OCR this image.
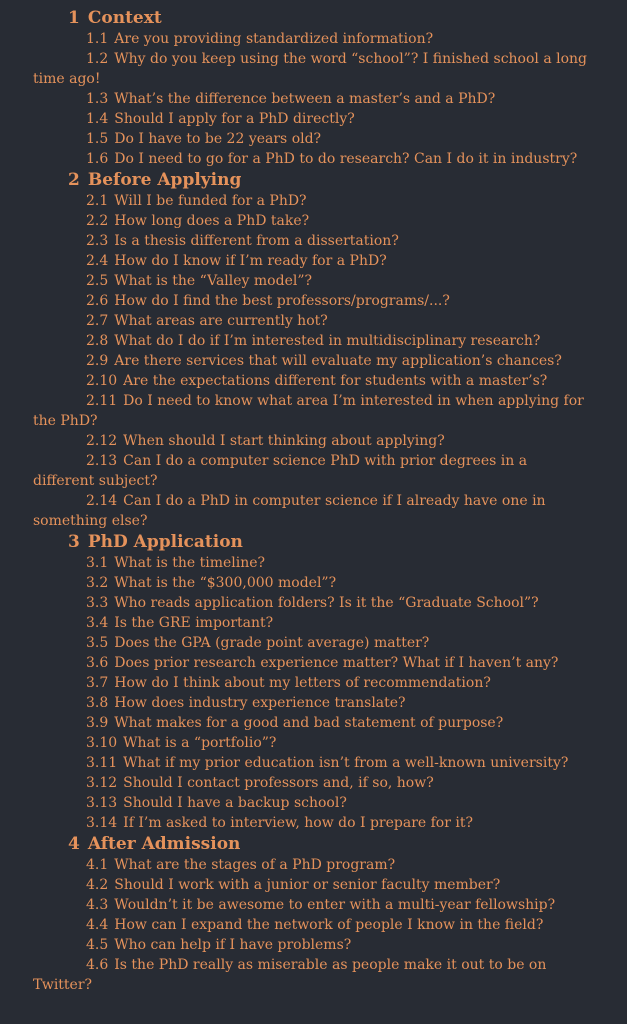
1 Context
1.1 Are you providing standardized information?
1.2 Why do you keep using the word “school”? I finished school a long time ago!
1.3 What’s the difference between a master’s and a PhD?
1.4 Should I apply for a PhD directly?
1.5 Do I have to be 22 years old?
1.6 Do I need to go for a PhD to do research? Can I do it in industry?
2 Before Applying
2.1 Will I be funded for a PhD?
2.2 How long does a PhD take?
2.3 Is a thesis different from a dissertation?
2.4 How do I know if I’m ready for a PhD?
2.5 What is the “Valley model”?
2.6 How do I find the best professors/programs/...?
2.7 What areas are currently hot?
2.8 What do I do if I’m interested in multidisciplinary research?
2.9 Are there services that will evaluate my application’s chances?
2.10 Are the expectations different for students with a master’s?
2.11 Do I need to know what area I’m interested in when applying for the PhD?
2.12 When should I start thinking about applying?
2.13 Can I do a computer science PhD with prior degrees in a different subject?
2.14 Can I do a PhD in computer science if I already have one in something else?
3 PhD Application
3.1 What is the timeline?
3.2 What is the “$300,000 model”?
3.3 Who reads application folders? Is it the “Graduate School”?
3.4 Is the GRE important?
3.5 Does the GPA (grade point average) matter?
3.6 Does prior research experience matter? What if I haven’t any?
3.7 How do I think about my letters of recommendation?
3.8 How does industry experience translate?
3.9 What makes for a good and bad statement of purpose?
3.10 What is a “portfolio”?
3.11 What if my prior education isn’t from a well-known university?
3.12 Should I contact professors and, if so, how?
3.13 Should I have a backup school?
3.14 If I’m asked to interview, how do I prepare for it?
4 After Admission
4.1 What are the stages of a PhD program?
4.2 Should I work with a junior or senior faculty member?
4.3 Wouldn’t it be awesome to enter with a multi-year fellowship?
4.4 How can I expand the network of people I know in the field?
4.5 Who can help if I have problems?
4.6 Is the PhD really as miserable as people make it out to be on Twitter?
